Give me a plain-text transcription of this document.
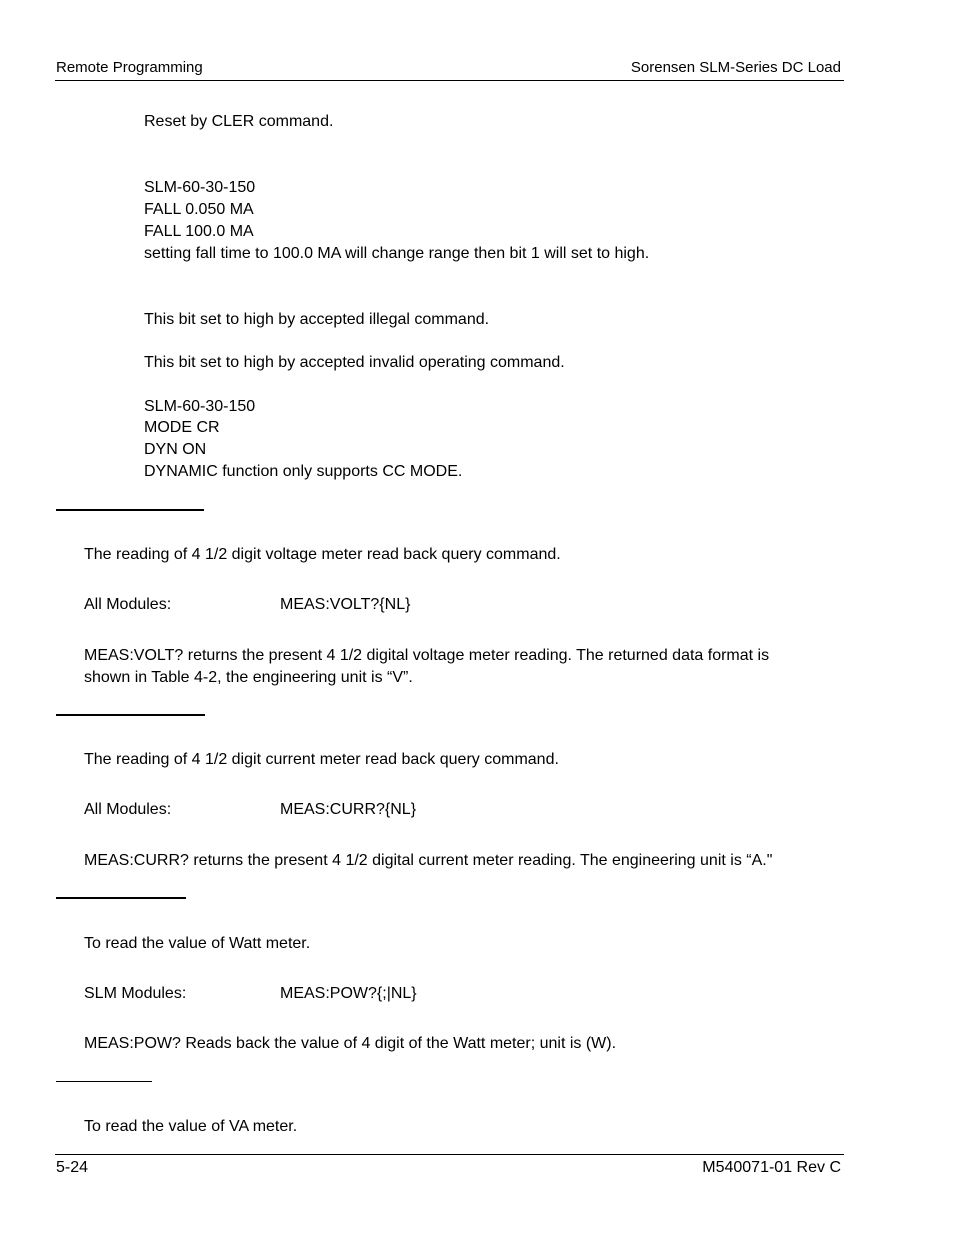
Remote Programming	Sorensen SLM-Series DC Load
Reset by CLER command.
SLM-60-30-150
FALL 0.050 MA
FALL 100.0 MA
setting fall time to 100.0 MA will change range then bit 1 will set to high.
This bit set to high by accepted illegal command.
This bit set to high by accepted invalid operating command.
SLM-60-30-150
MODE CR
DYN ON
DYNAMIC function only supports CC MODE.
The reading of 4 1/2 digit voltage meter read back query command.
All Modules:	MEAS:VOLT?{NL}
MEAS:VOLT? returns the present 4 1/2 digital voltage meter reading. The returned data format is
shown in Table 4-2, the engineering unit is “V”.
The reading of 4 1/2 digit current meter read back query command.
All Modules:	MEAS:CURR?{NL}
MEAS:CURR? returns the present 4 1/2 digital current meter reading. The engineering unit is “A."
To read the value of Watt meter.
SLM Modules:	MEAS:POW?{;|NL}
MEAS:POW? Reads back the value of 4 digit of the Watt meter; unit is (W).
To read the value of VA meter.
5-24	M540071-01 Rev C
